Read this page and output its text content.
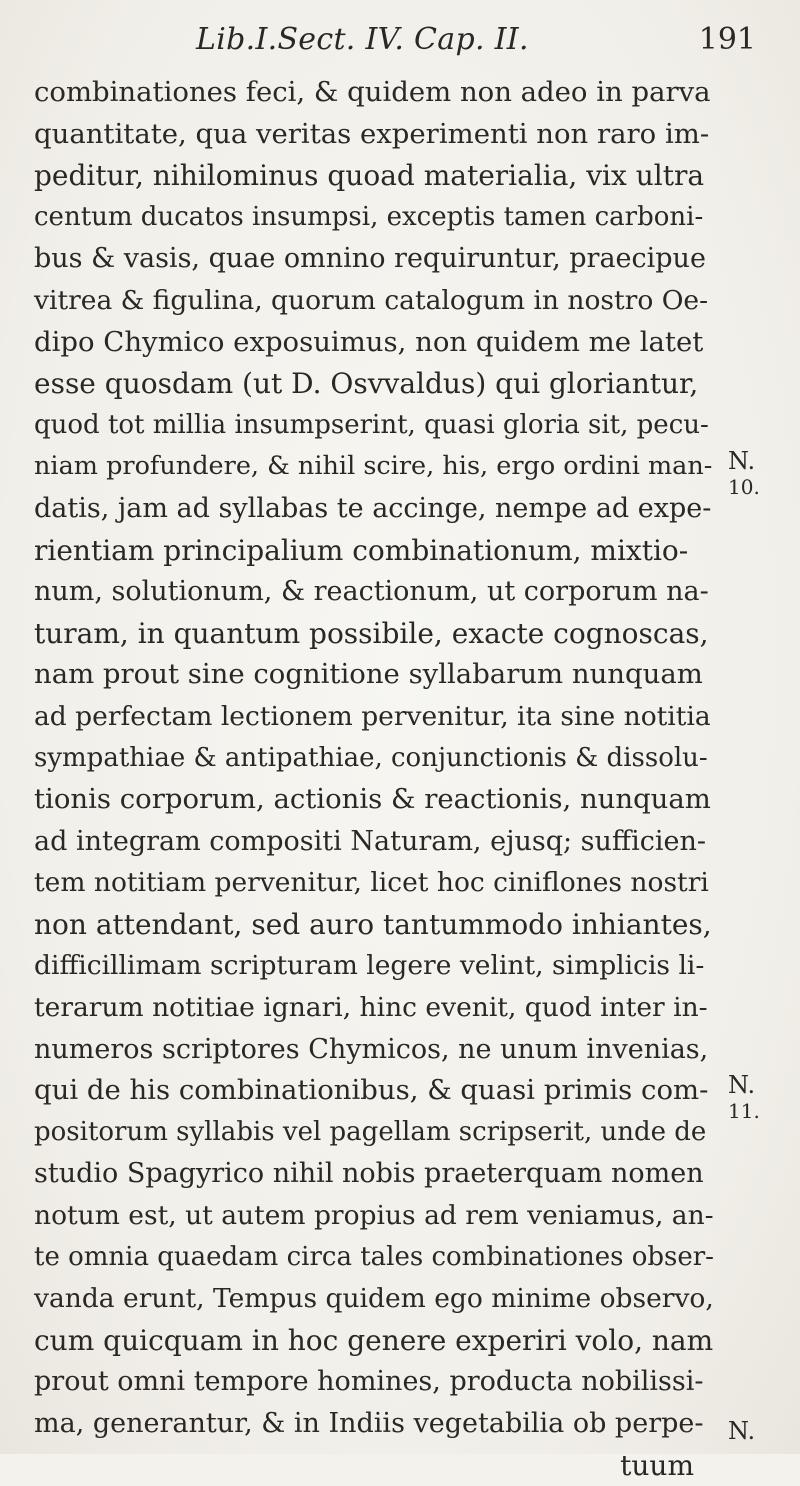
Lib.I.Sect. IV. Cap. II.	191
combinationes feci, & quidem non adeo in parva
quantitate, qua veritas experimenti non raro im-
peditur, nihilominus quoad materialia, vix ultra
centum ducatos insumpsi, exceptis tamen carboni-
bus & vasis, quae omnino requiruntur, praecipue
vitrea & figulina, quorum catalogum in nostro Oe-
dipo Chymico exposuimus, non quidem me latet
esse quosdam (ut D. Osvvaldus) qui gloriantur,
quod tot millia insumpserint, quasi gloria sit, pecu-
niam profundere, & nihil scire, his, ergo ordini man-
datis, jam ad syllabas te accinge, nempe ad expe-
rientiam principalium combinationum, mixtio-
num, solutionum, & reactionum, ut corporum na-
turam, in quantum possibile, exacte cognoscas,
nam prout sine cognitione syllabarum nunquam
ad perfectam lectionem pervenitur, ita sine notitia
sympathiae & antipathiae, conjunctionis & dissolu-
tionis corporum, actionis & reactionis, nunquam
ad integram compositi Naturam, ejusq; sufficien-
tem notitiam pervenitur, licet hoc ciniflones nostri
non attendant, sed auro tantummodo inhiantes,
difficillimam scripturam legere velint, simplicis li-
terarum notitiae ignari, hinc evenit, quod inter in-
numeros scriptores Chymicos, ne unum invenias,
qui de his combinationibus, & quasi primis com-
positorum syllabis vel pagellam scripserit, unde de
studio Spagyrico nihil nobis praeterquam nomen
notum est, ut autem propius ad rem veniamus, an-
te omnia quaedam circa tales combinationes obser-
vanda erunt, Tempus quidem ego minime observo,
cum quicquam in hoc genere experiri volo, nam
prout omni tempore homines, producta nobilissi-
ma, generantur, & in Indiis vegetabilia ob perpe-
tuum
N.
10.
N.
11.
N.
